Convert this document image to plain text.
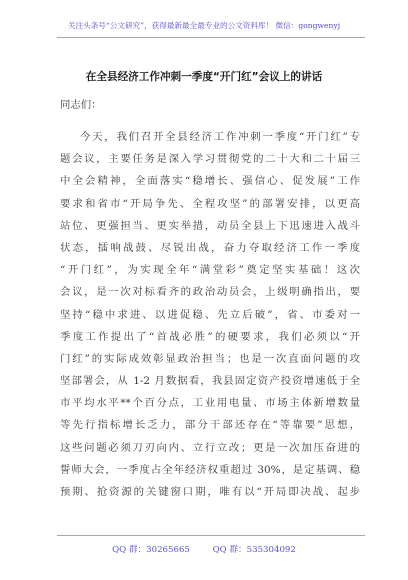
关注头条号“公文研究”，获得最新最全最专业的公文资料库！ 微信：gongwenyj
在全县经济工作冲刺一季度“开门红”会议上的讲话
同志们：
今天，我们召开全县经济工作冲刺一季度“开门红”专
题会议，主要任务是深入学习贯彻党的二十大和二十届三
中全会精神，全面落实“稳增长、强信心、促发展”工作
要求和省市“开局争先、全程攻坚”的部署安排，以更高
站位、更强担当、更实举措，动员全县上下迅速进入战斗
状态，擂响战鼓、尽锐出战，奋力夺取经济工作一季度
“开门红”，为实现全年“满堂彩”奠定坚实基础！这次
会议，是一次对标看齐的政治动员会，上级明确指出，要
坚持“稳中求进、以进促稳、先立后破”，省、市委对一
季度工作提出了“首战必胜”的硬要求，我们必须以“开
门红”的实际成效彰显政治担当；也是一次直面问题的攻
坚部署会，从 1-2 月数据看，我县固定资产投资增速低于全
市平均水平**个百分点，工业用电量、市场主体新增数量
等先行指标增长乏力，部分干部还存在“等靠要”思想，
这些问题必须刀刃向内、立行立改；更是一次加压奋进的
誓师大会，一季度占全年经济权重超过 30%，是定基调、稳
预期、抢资源的关键窗口期，唯有以“开局即决战、起步
QQ 群：30265665	QQ 群：535304092
